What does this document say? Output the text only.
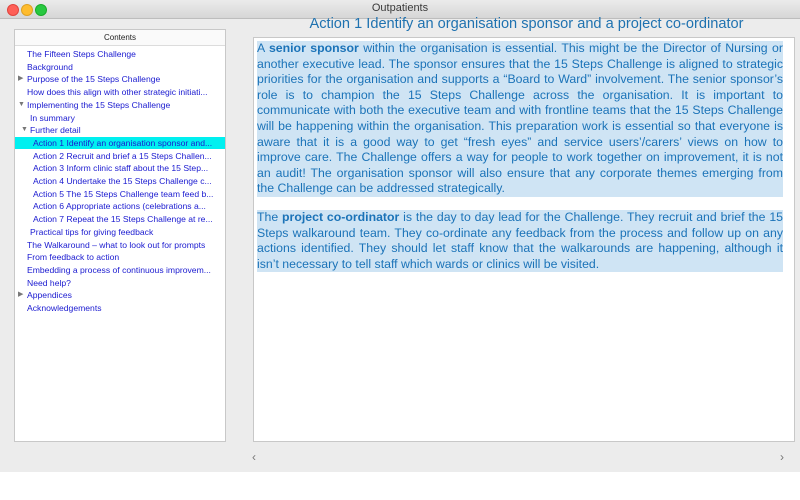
Outpatients
Contents
The Fifteen Steps Challenge
Background
▶ Purpose of the 15 Steps Challenge
How does this align with other strategic initiati...
▼ Implementing the 15 Steps Challenge
In summary
▼ Further detail
Action 1 Identify an organisation sponsor and...
Action 2 Recruit and brief a 15 Steps Challen...
Action 3 Inform clinic staff about the 15 Step...
Action 4 Undertake the 15 Steps Challenge c...
Action 5 The 15 Steps Challenge team feed b...
Action 6 Appropriate actions (celebrations a...
Action 7 Repeat the 15 Steps Challenge at re...
Practical tips for giving feedback
The Walkaround – what to look out for prompts
From feedback to action
Embedding a process of continuous improvem...
Need help?
▶ Appendices
Acknowledgements
Action 1 Identify an organisation sponsor and a project co-ordinator
A senior sponsor within the organisation is essential. This might be the Director of Nursing or another executive lead. The sponsor ensures that the 15 Steps Challenge is aligned to strategic priorities for the organisation and supports a “Board to Ward” involvement. The senior sponsor’s role is to champion the 15 Steps Challenge across the organisation. It is important to communicate with both the executive team and with frontline teams that the 15 Steps Challenge will be happening within the organisation. This preparation work is essential so that everyone is aware that it is a good way to get “fresh eyes” and service users’/carers’ views on how to improve care. The Challenge offers a way for people to work together on improvement, it is not an audit! The organisation sponsor will also ensure that any corporate themes emerging from the Challenge can be addressed strategically.
The project co-ordinator is the day to day lead for the Challenge. They recruit and brief the 15 Steps walkaround team. They co-ordinate any feedback from the process and follow up on any actions identified. They should let staff know that the walkarounds are happening, although it isn’t necessary to tell staff which wards or clinics will be visited.
‹	›
